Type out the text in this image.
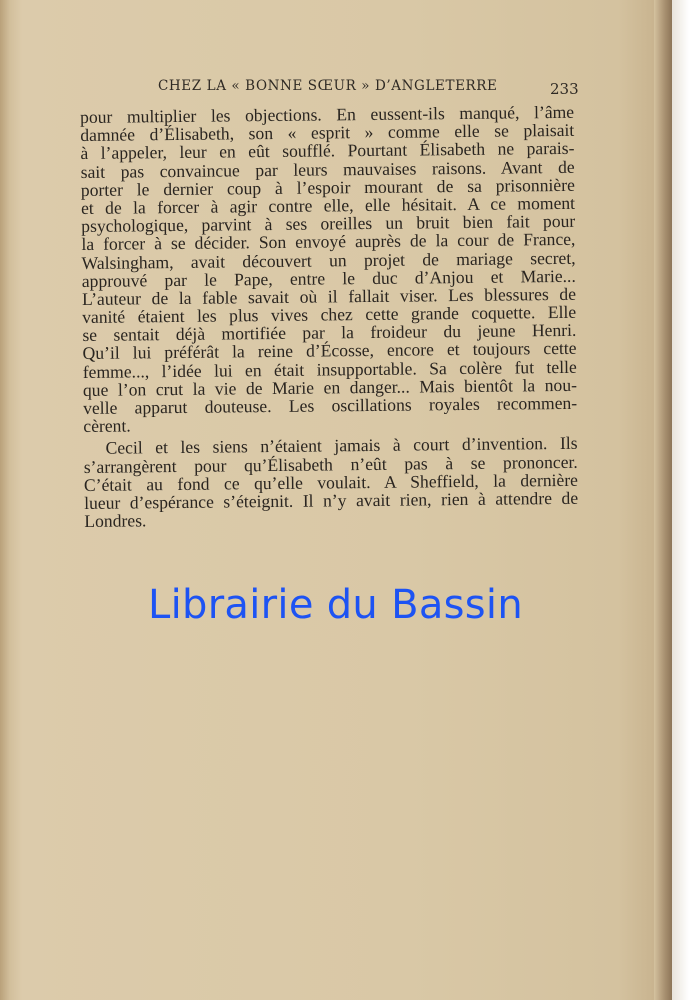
CHEZ LA « BONNE SŒUR » D’ANGLETERRE	233
pour multiplier les objections. En eussent-ils manqué, l’âme
damnée d’Élisabeth, son « esprit » comme elle se plaisait
à l’appeler, leur en eût soufflé. Pourtant Élisabeth ne parais-
sait pas convaincue par leurs mauvaises raisons. Avant de
porter le dernier coup à l’espoir mourant de sa prisonnière
et de la forcer à agir contre elle, elle hésitait. A ce moment
psychologique, parvint à ses oreilles un bruit bien fait pour
la forcer à se décider. Son envoyé auprès de la cour de France,
Walsingham, avait découvert un projet de mariage secret,
approuvé par le Pape, entre le duc d’Anjou et Marie...
L’auteur de la fable savait où il fallait viser. Les blessures de
vanité étaient les plus vives chez cette grande coquette. Elle
se sentait déjà mortifiée par la froideur du jeune Henri.
Qu’il lui préférât la reine d’Écosse, encore et toujours cette
femme..., l’idée lui en était insupportable. Sa colère fut telle
que l’on crut la vie de Marie en danger... Mais bientôt la nou-
velle apparut douteuse. Les oscillations royales recommen-
cèrent.
Cecil et les siens n’étaient jamais à court d’invention. Ils
s’arrangèrent pour qu’Élisabeth n’eût pas à se prononcer.
C’était au fond ce qu’elle voulait. A Sheffield, la dernière
lueur d’espérance s’éteignit. Il n’y avait rien, rien à attendre de
Londres.
Librairie du Bassin
